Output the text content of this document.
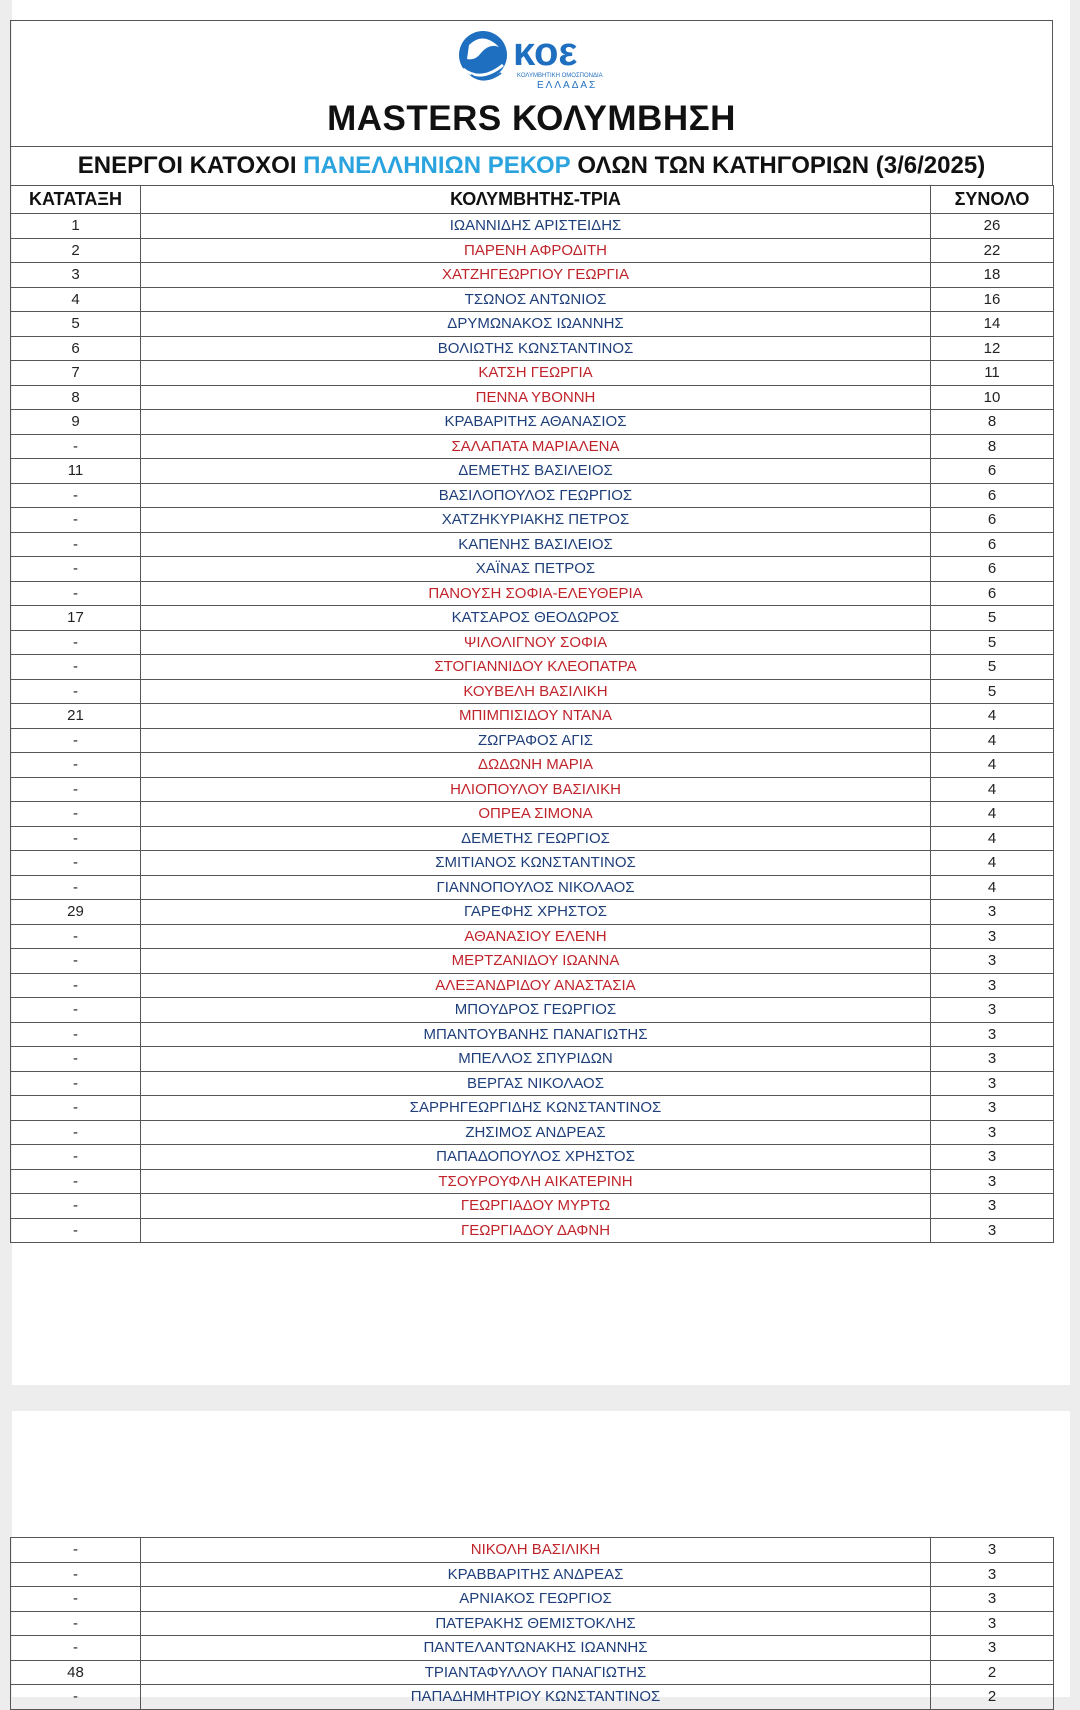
κοε
ΚΟΛΥΜΒΗΤΙΚΗ ΟΜΟΣΠΟΝΔΙΑ
ΕΛΛΑΔΑΣ
MASTERS ΚΟΛΥΜΒΗΣΗ
ΕΝΕΡΓΟΙ ΚΑΤΟΧΟΙ ΠΑΝΕΛΛΗΝΙΩΝ ΡΕΚΟΡ ΟΛΩΝ ΤΩΝ ΚΑΤΗΓΟΡΙΩΝ (3/6/2025)
ΚΑΤΑΤΑΞΗ	ΚΟΛΥΜΒΗΤΗΣ-ΤΡΙΑ	ΣΥΝΟΛΟ
1	ΙΩΑΝΝΙΔΗΣ ΑΡΙΣΤΕΙΔΗΣ	26
2	ΠΑΡΕΝΗ ΑΦΡΟΔΙΤΗ	22
3	ΧΑΤΖΗΓΕΩΡΓΙΟΥ ΓΕΩΡΓΙΑ	18
4	ΤΣΩΝΟΣ ΑΝΤΩΝΙΟΣ	16
5	ΔΡΥΜΩΝΑΚΟΣ ΙΩΑΝΝΗΣ	14
6	ΒΟΛΙΩΤΗΣ ΚΩΝΣΤΑΝΤΙΝΟΣ	12
7	ΚΑΤΣΗ ΓΕΩΡΓΙΑ	11
8	ΠΕΝΝΑ ΥΒΟΝΝΗ	10
9	ΚΡΑΒΑΡΙΤΗΣ ΑΘΑΝΑΣΙΟΣ	8
-	ΣΑΛΑΠΑΤΑ ΜΑΡΙΑΛΕΝΑ	8
11	ΔΕΜΕΤΗΣ ΒΑΣΙΛΕΙΟΣ	6
-	ΒΑΣΙΛΟΠΟΥΛΟΣ ΓΕΩΡΓΙΟΣ	6
-	ΧΑΤΖΗΚΥΡΙΑΚΗΣ ΠΕΤΡΟΣ	6
-	ΚΑΠΕΝΗΣ ΒΑΣΙΛΕΙΟΣ	6
-	ΧΑΪΝΑΣ ΠΕΤΡΟΣ	6
-	ΠΑΝΟΥΣΗ ΣΟΦΙΑ-ΕΛΕΥΘΕΡΙΑ	6
17	ΚΑΤΣΑΡΟΣ ΘΕΟΔΩΡΟΣ	5
-	ΨΙΛΟΛΙΓΝΟΥ ΣΟΦΙΑ	5
-	ΣΤΟΓΙΑΝΝΙΔΟΥ ΚΛΕΟΠΑΤΡΑ	5
-	ΚΟΥΒΕΛΗ ΒΑΣΙΛΙΚΗ	5
21	ΜΠΙΜΠΙΣΙΔΟΥ ΝΤΑΝΑ	4
-	ΖΩΓΡΑΦΟΣ ΑΓΙΣ	4
-	ΔΩΔΩΝΗ ΜΑΡΙΑ	4
-	ΗΛΙΟΠΟΥΛΟΥ ΒΑΣΙΛΙΚΗ	4
-	ΟΠΡΕΑ ΣΙΜΟΝΑ	4
-	ΔΕΜΕΤΗΣ ΓΕΩΡΓΙΟΣ	4
-	ΣΜΙΤΙΑΝΟΣ ΚΩΝΣΤΑΝΤΙΝΟΣ	4
-	ΓΙΑΝΝΟΠΟΥΛΟΣ ΝΙΚΟΛΑΟΣ	4
29	ΓΑΡΕΦΗΣ ΧΡΗΣΤΟΣ	3
-	ΑΘΑΝΑΣΙΟΥ ΕΛΕΝΗ	3
-	ΜΕΡΤΖΑΝΙΔΟΥ ΙΩΑΝΝΑ	3
-	ΑΛΕΞΑΝΔΡΙΔΟΥ ΑΝΑΣΤΑΣΙΑ	3
-	ΜΠΟΥΔΡΟΣ ΓΕΩΡΓΙΟΣ	3
-	ΜΠΑΝΤΟΥΒΑΝΗΣ ΠΑΝΑΓΙΩΤΗΣ	3
-	ΜΠΕΛΛΟΣ ΣΠΥΡΙΔΩΝ	3
-	ΒΕΡΓΑΣ ΝΙΚΟΛΑΟΣ	3
-	ΣΑΡΡΗΓΕΩΡΓΙΔΗΣ ΚΩΝΣΤΑΝΤΙΝΟΣ	3
-	ΖΗΣΙΜΟΣ ΑΝΔΡΕΑΣ	3
-	ΠΑΠΑΔΟΠΟΥΛΟΣ ΧΡΗΣΤΟΣ	3
-	ΤΣΟΥΡΟΥΦΛΗ ΑΙΚΑΤΕΡΙΝΗ	3
-	ΓΕΩΡΓΙΑΔΟΥ ΜΥΡΤΩ	3
-	ΓΕΩΡΓΙΑΔΟΥ ΔΑΦΝΗ	3
-	ΝΙΚΟΛΗ ΒΑΣΙΛΙΚΗ	3
-	ΚΡΑΒΒΑΡΙΤΗΣ ΑΝΔΡΕΑΣ	3
-	ΑΡΝΙΑΚΟΣ ΓΕΩΡΓΙΟΣ	3
-	ΠΑΤΕΡΑΚΗΣ ΘΕΜΙΣΤΟΚΛΗΣ	3
-	ΠΑΝΤΕΛΑΝΤΩΝΑΚΗΣ ΙΩΑΝΝΗΣ	3
48	ΤΡΙΑΝΤΑΦΥΛΛΟΥ ΠΑΝΑΓΙΩΤΗΣ	2
-	ΠΑΠΑΔΗΜΗΤΡΙΟΥ ΚΩΝΣΤΑΝΤΙΝΟΣ	2
